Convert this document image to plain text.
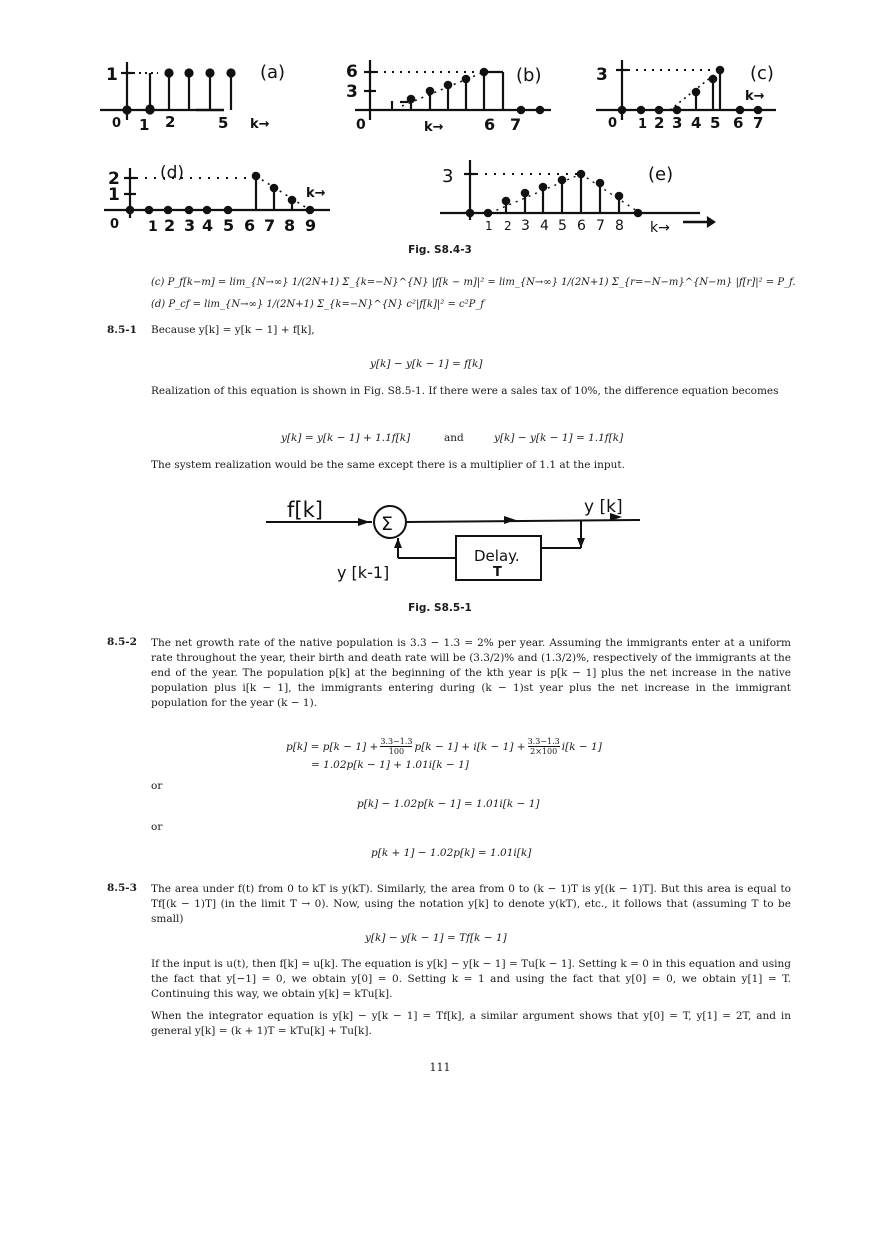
1	(a)
0 1 2	5 k→
6
3
(b)
0	k→	6 7
3	(c)
k→
0 1 2 3 4 5 6 7
2
1
(d)
k→
0 1 2 3 4 5 6 7 8 9
3	(e)
1 2 3 4 5 6 7 8 k→
Fig. S8.4-3
(c) P_f[k−m] = lim_{N→∞} 1/(2N+1) Σ_{k=−N}^{N} |f[k − m]|² = lim_{N→∞} 1/(2N+1) Σ_{r=−N−m}^{N−m} |f[r]|² = P_f.
(d) P_cf = lim_{N→∞} 1/(2N+1) Σ_{k=−N}^{N} c²|f[k]|² = c²P_f
8.5-1 Because y[k] = y[k − 1] + f[k],
y[k] − y[k − 1] = f[k]
Realization of this equation is shown in Fig. S8.5-1. If there were a sales tax of 10%, the difference equation becomes
y[k] = y[k − 1] + 1.1f[k]	and	y[k] − y[k − 1] = 1.1f[k]
The system realization would be the same except there is a multiplier of 1.1 at the input.
f[k]
Σ
y [k]
y [k-1]
Delay.
T
Fig. S8.5-1
8.5-2 The net growth rate of the native population is 3.3 − 1.3 = 2% per year. Assuming the immigrants enter at a uniform rate throughout the year, their birth and death rate will be (3.3/2)% and (1.3/2)%, respectively of the immigrants at the end of the year. The population p[k] at the beginning of the kth year is p[k − 1] plus the net increase in the native population plus i[k − 1], the immigrants entering during (k − 1)st year plus the net increase in the immigrant population for the year (k − 1).
$p[k] = p[k - 1] + \frac{3.3-1.3}{100} p[k - 1] + i[k - 1] + \frac{3.3-1.3}{2\times 100} i[k - 1]$
= 1.02p[k − 1] + 1.01i[k − 1]
or
p[k] − 1.02p[k − 1] = 1.01i[k − 1]
or
p[k + 1] − 1.02p[k] = 1.01i[k]
8.5-3 The area under f(t) from 0 to kT is y(kT). Similarly, the area from 0 to (k − 1)T is y[(k − 1)T]. But this area is equal to Tf[(k − 1)T] (in the limit T → 0). Now, using the notation y[k] to denote y(kT), etc., it follows that (assuming T to be small)
y[k] − y[k − 1] = Tf[k − 1]
If the input is u(t), then f[k] = u[k]. The equation is y[k] − y[k − 1] = Tu[k − 1]. Setting k = 0 in this equation and using the fact that y[−1] = 0, we obtain y[0] = 0. Setting k = 1 and using the fact that y[0] = 0, we obtain y[1] = T. Continuing this way, we obtain y[k] = kTu[k].
When the integrator equation is y[k] − y[k − 1] = Tf[k], a similar argument shows that y[0] = T, y[1] = 2T, and in general y[k] = (k + 1)T = kTu[k] + Tu[k].
111
